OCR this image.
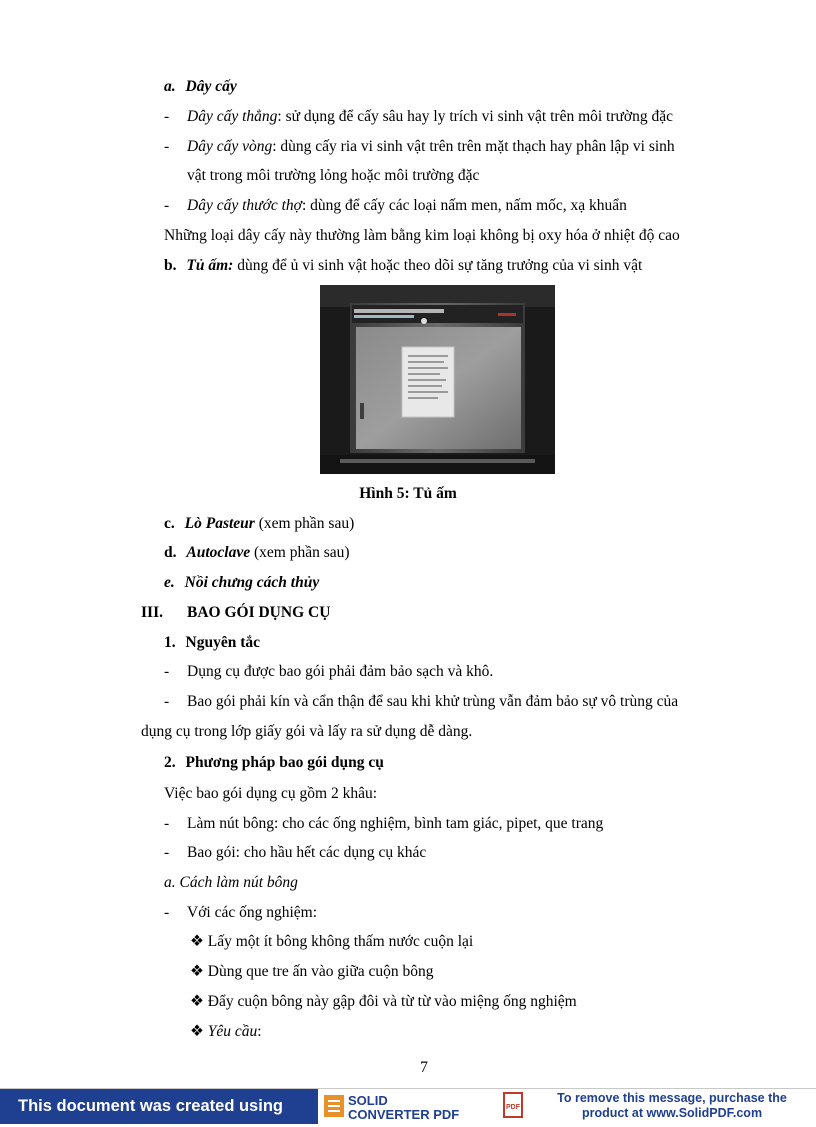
a. Dây cấy
- Dây cấy thẳng: sử dụng để cấy sâu hay ly trích vi sinh vật trên môi trường đặc
- Dây cấy vòng: dùng cấy ria vi sinh vật trên trên mặt thạch hay phân lập vi sinh
vật trong môi trường lỏng hoặc môi trường đặc
- Dây cấy thước thợ: dùng để cấy các loại nấm men, nấm mốc, xạ khuẩn
Những loại dây cấy này thường làm bằng kim loại không bị oxy hóa ở nhiệt độ cao
b. Tủ ấm: dùng để ủ vi sinh vật hoặc theo dõi sự tăng trưởng của vi sinh vật
Hình 5: Tủ ấm
c. Lò Pasteur (xem phần sau)
d. Autoclave (xem phần sau)
e. Nồi chưng cách thủy
III. BAO GÓI DỤNG CỤ
1. Nguyên tắc
- Dụng cụ được bao gói phải đảm bảo sạch và khô.
- Bao gói phải kín và cẩn thận để sau khi khử trùng vẫn đảm bảo sự vô trùng của
dụng cụ trong lớp giấy gói và lấy ra sử dụng dễ dàng.
2. Phương pháp bao gói dụng cụ
Việc bao gói dụng cụ gồm 2 khâu:
- Làm nút bông: cho các ống nghiệm, bình tam giác, pipet, que trang
- Bao gói: cho hầu hết các dụng cụ khác
a. Cách làm nút bông
- Với các ống nghiệm:
❖ Lấy một ít bông không thấm nước cuộn lại
❖ Dùng que tre ấn vào giữa cuộn bông
❖ Đẩy cuộn bông này gập đôi và từ từ vào miệng ống nghiệm
❖ Yêu cầu:
7
This document was created using	SOLID
CONVERTER PDF	PDF
To remove this message, purchase the
product at www.SolidPDF.com
